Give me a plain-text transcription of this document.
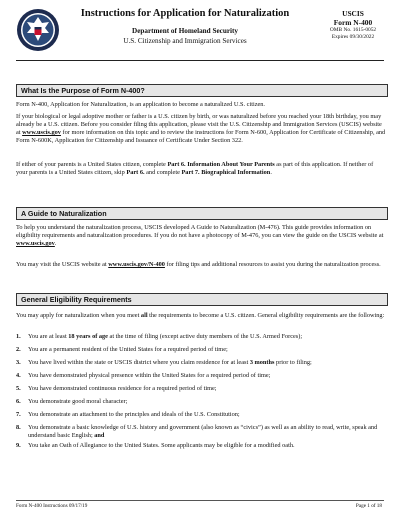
Instructions for Application for Naturalization
Department of Homeland Security
U.S. Citizenship and Immigration Services
USCIS
Form N-400
OMB No. 1615-0052
Expires 09/30/2022
What Is the Purpose of Form N-400?
Form N-400, Application for Naturalization, is an application to become a naturalized U.S. citizen.
If your biological or legal adoptive mother or father is a U.S. citizen by birth, or was naturalized before you reached your 18th birthday, you may already be a U.S. citizen. Before you consider filing this application, please visit the U.S. Citizenship and Immigration Services (USCIS) website at www.uscis.gov for more information on this topic and to review the instructions for Form N-600, Application for Certificate of Citizenship, and Form N-600K, Application for Citizenship and Issuance of Certificate Under Section 322.
If either of your parents is a United States citizen, complete Part 6. Information About Your Parents as part of this application. If neither of your parents is a United States citizen, skip Part 6. and complete Part 7. Biographical Information.
A Guide to Naturalization
To help you understand the naturalization process, USCIS developed A Guide to Naturalization (M-476). This guide provides information on eligibility requirements and naturalization procedures. If you do not have a photocopy of M-476, you can view the guide on the USCIS website at www.uscis.gov.
You may visit the USCIS website at www.uscis.gov/N-400 for filing tips and additional resources to assist you during the naturalization process.
General Eligibility Requirements
You may apply for naturalization when you meet all the requirements to become a U.S. citizen. General eligibility requirements are the following:
1.	You are at least 18 years of age at the time of filing (except active duty members of the U.S. Armed Forces);
2.	You are a permanent resident of the United States for a required period of time;
3.	You have lived within the state or USCIS district where you claim residence for at least 3 months prior to filing;
4.	You have demonstrated physical presence within the United States for a required period of time;
5.	You have demonstrated continuous residence for a required period of time;
6.	You demonstrate good moral character;
7.	You demonstrate an attachment to the principles and ideals of the U.S. Constitution;
8.	You demonstrate a basic knowledge of U.S. history and government (also known as “civics”) as well as an ability to read, write, speak and understand basic English; and
9.	You take an Oath of Allegiance to the United States. Some applicants may be eligible for a modified oath.
Form N-400 Instructions 09/17/19	Page 1 of 18
